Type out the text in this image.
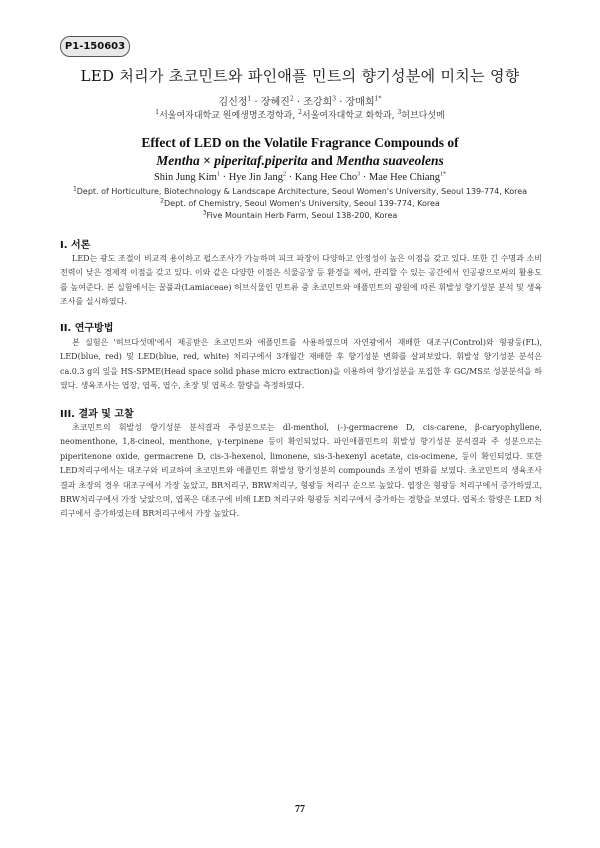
P1-150603
LED 처리가 초코민트와 파인애플 민트의 향기성분에 미치는 영향
김신정$^1$ · 장혜진$^2$ · 조강희$^3$ · 장매희$^{1*}$
$^1$서울여자대학교 원예생명조경학과, $^2$서울여자대학교 화학과, $^3$허브다섯메
Effect of LED on the Volatile Fragrance Compounds of
Mentha × piperitaf.piperita and Mentha suaveolens
Shin Jung Kim$^1$ · Hye Jin Jang$^2$ · Kang Hee Cho$^3$ · Mae Hee Chiang$^{1*}$
$^1$Dept. of Horticulture, Biotechnology & Landscape Architecture, Seoul Women's University, Seoul 139-774, Korea
$^2$Dept. of Chemistry, Seoul Women's University, Seoul 139-774, Korea
$^3$Five Mountain Herb Farm, Seoul 138-200, Korea
I. 서론
LED는 광도 조절이 비교적 용이하고 펄스조사가 가능하며 피크 파장이 다양하고 안정성이 높은 이점을 갖고 있다. 또한 긴 수명과 소비전력이 낮은 경제적 이점을 갖고 있다. 이와 같은 다양한 이점은 식물공장 등 환경을 제어, 관리할 수 있는 공간에서 인공광으로써의 활용도를 높여준다. 본 실험에서는 꿀풀과(Lamiaceae) 허브식물인 민트류 중 초코민트와 애플민트의 광원에 따른 휘발성 향기성분 분석 및 생육조사를 실시하였다.
II. 연구방법
본 실험은 '허브다섯메'에서 제공받은 초코민트와 애플민트를 사용하였으며 자연광에서 재배한 대조구(Control)와 형광등(FL), LED(blue, red) 및 LED(blue, red, white) 처리구에서 3개월간 재배한 후 향기성분 변화를 살펴보았다. 휘발성 향기성분 분석은 ca.0.3 g의 잎을 HS-SPME(Head space solid phase micro extraction)을 이용하여 향기성분을 포집한 후 GC/MS로 성분분석을 하였다. 생육조사는 엽장, 엽폭, 엽수, 초장 및 엽록소 함량을 측정하였다.
III. 결과 및 고찰
초코민트의 휘발성 향기성분 분석결과 주성분으로는 dl-menthol, (-)-germacrene D, cis-carene, β-caryophyllene, neomenthone, 1,8-cineol, menthone, γ-terpinene 등이 확인되었다. 파인애플민트의 휘발성 향기성분 분석결과 주 성분으로는 piperitenone oxide, germacrene D, cis-3-hexenol, limonene, sis-3-hexenyl acetate, cis-ocimene, 등이 확인되었다. 또한 LED처리구에서는 대조구와 비교하여 초코민트와 애플민트 휘발성 향기성분의 compounds 조성이 변화를 보였다. 초코민트의 생육조사 결과 초장의 경우 대조구에서 가장 높았고, BR처리구, BRW처리구, 형광등 처리구 순으로 높았다. 엽장은 형광등 처리구에서 증가하였고, BRW처리구에서 가장 낮았으며, 엽폭은 대조구에 비해 LED 처리구와 형광등 처리구에서 증가하는 경향을 보였다. 엽록소 함량은 LED 처리구에서 증가하였는데 BR처리구에서 가장 높았다.
77
